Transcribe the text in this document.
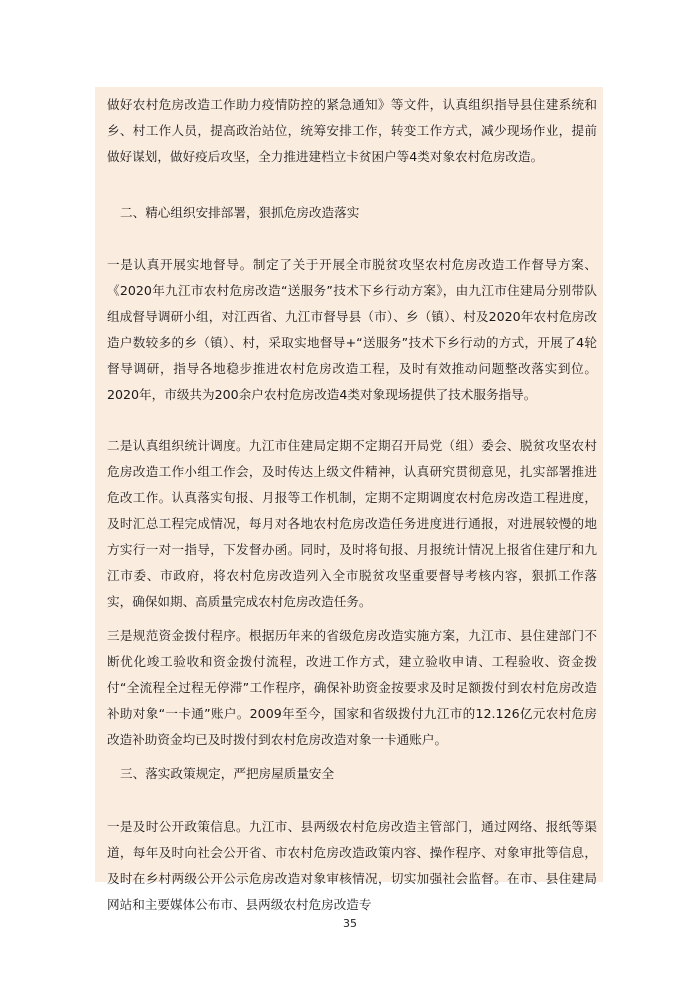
做好农村危房改造工作助力疫情防控的紧急通知》等文件，认真组织指导县住建系统和乡、村工作人员，提高政治站位，统筹安排工作，转变工作方式，减少现场作业，提前做好谋划，做好疫后攻坚，全力推进建档立卡贫困户等4类对象农村危房改造。

二、精心组织安排部署，狠抓危房改造落实

一是认真开展实地督导。制定了关于开展全市脱贫攻坚农村危房改造工作督导方案、《2020年九江市农村危房改造“送服务”技术下乡行动方案》，由九江市住建局分别带队组成督导调研小组，对江西省、九江市督导县（市）、乡（镇）、村及2020年农村危房改造户数较多的乡（镇）、村，采取实地督导+“送服务”技术下乡行动的方式，开展了4轮督导调研，指导各地稳步推进农村危房改造工程，及时有效推动问题整改落实到位。2020年，市级共为200余户农村危房改造4类对象现场提供了技术服务指导。

二是认真组织统计调度。九江市住建局定期不定期召开局党（组）委会、脱贫攻坚农村危房改造工作小组工作会，及时传达上级文件精神，认真研究贯彻意见，扎实部署推进危改工作。认真落实旬报、月报等工作机制，定期不定期调度农村危房改造工程进度，及时汇总工程完成情况，每月对各地农村危房改造任务进度进行通报，对进展较慢的地方实行一对一指导，下发督办函。同时，及时将旬报、月报统计情况上报省住建厅和九江市委、市政府，将农村危房改造列入全市脱贫攻坚重要督导考核内容，狠抓工作落实，确保如期、高质量完成农村危房改造任务。

三是规范资金拨付程序。根据历年来的省级危房改造实施方案，九江市、县住建部门不断优化竣工验收和资金拨付流程，改进工作方式，建立验收申请、工程验收、资金拨付“全流程全过程无停滞”工作程序，确保补助资金按要求及时足额拨付到农村危房改造补助对象“一卡通”账户。2009年至今，国家和省级拨付九江市的12.126亿元农村危房改造补助资金均已及时拨付到农村危房改造对象一卡通账户。

三、落实政策规定，严把房屋质量安全

一是及时公开政策信息。九江市、县两级农村危房改造主管部门，通过网络、报纸等渠道，每年及时向社会公开省、市农村危房改造政策内容、操作程序、对象审批等信息，及时在乡村两级公开公示危房改造对象审核情况，切实加强社会监督。在市、县住建局网站和主要媒体公布市、县两级农村危房改造专

35
